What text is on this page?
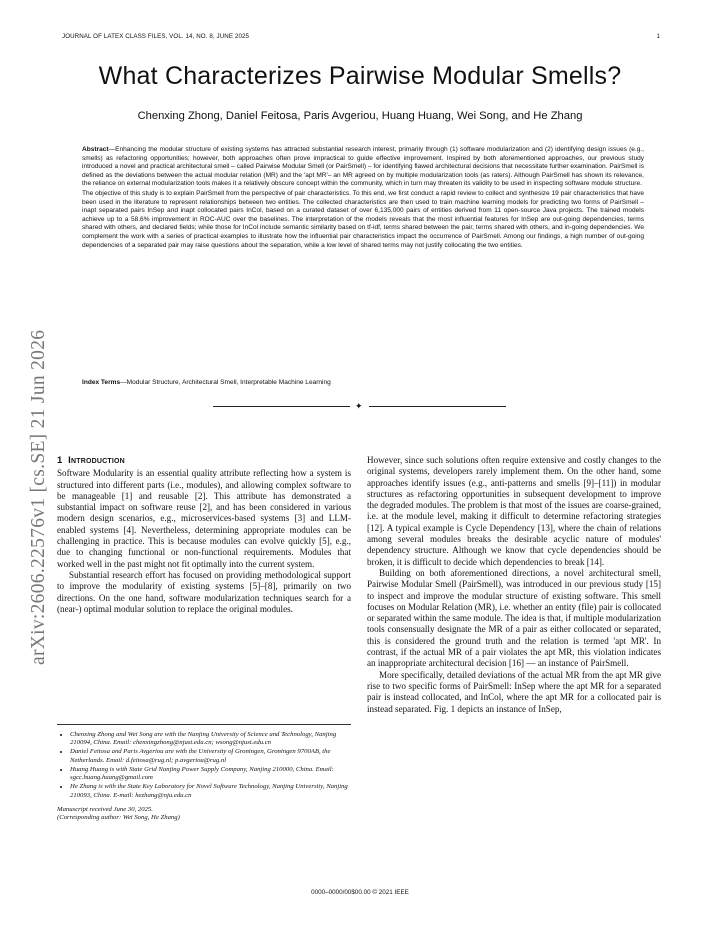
JOURNAL OF LATEX CLASS FILES, VOL. 14, NO. 8, JUNE 2025	1
What Characterizes Pairwise Modular Smells?
Chenxing Zhong, Daniel Feitosa, Paris Avgeriou, Huang Huang, Wei Song, and He Zhang

Abstract—Enhancing the modular structure of existing systems has attracted substantial research interest, primarily through (1) software modularization and (2) identifying design issues (e.g., smells) as refactoring opportunities; however, both approaches often prove impractical to guide effective improvement. Inspired by both aforementioned approaches, our previous study introduced a novel and practical architectural smell – called Pairwise Modular Smell (or PairSmell) – for identifying flawed architectural decisions that necessitate further examination. PairSmell is defined as the deviations between the actual modular relation (MR) and the 'apt MR'– an MR agreed on by multiple modularization tools (as raters). Although PairSmell has shown its relevance, the reliance on external modularization tools makes it a relatively obscure concept within the community, which in turn may threaten its validity to be used in inspecting software module structure.

The objective of this study is to explain PairSmell from the perspective of pair characteristics. To this end, we first conduct a rapid review to collect and synthesize 19 pair characteristics that have been used in the literature to represent relationships between two entities. The collected characteristics are then used to train machine learning models for predicting two forms of PairSmell – inapt separated pairs InSep and inapt collocated pairs InCol, based on a curated dataset of over 6,135,000 pairs of entities derived from 11 open-source Java projects. The trained models achieve up to a 58.6% improvement in ROC-AUC over the baselines. The interpretation of the models reveals that the most influential features for InSep are out-going dependencies, terms shared with others, and declared fields; while those for InCol include semantic similarity based on tf-idf, terms shared between the pair, terms shared with others, and in-going dependencies. We complement the work with a series of practical examples to illustrate how the influential pair characteristics impact the occurrence of PairSmell. Among our findings, a high number of out-going dependencies of a separated pair may raise questions about the separation, while a low level of shared terms may not justify collocating the two entities.

Index Terms—Modular Structure, Architectural Smell, Interpretable Machine Learning
✦
arXiv:2606.22576v1 [cs.SE] 21 Jun 2026 1 Introduction

Software Modularity is an essential quality attribute reflecting how a system is structured into different parts (i.e., modules), and allowing complex software to be manageable [1] and reusable [2]. This attribute has demonstrated a substantial impact on software reuse [2], and has been considered in various modern design scenarios, e.g., microservices-based systems [3] and LLM-enabled systems [4]. Nevertheless, determining appropriate modules can be challenging in practice. This is because modules can evolve quickly [5], e.g., due to changing functional or non-functional requirements. Modules that worked well in the past might not fit optimally into the current system.

Substantial research effort has focused on providing methodological support to improve the modularity of existing systems [5]–[8], primarily on two directions. On the one hand, software modularization techniques search for a (near-) optimal modular solution to replace the original modules.

• Chenxing Zhong and Wei Song are with the Nanjing University of Science and Technology, Nanjing 210094, China. Email: chenxingzhong@njust.edu.cn; wsong@njust.edu.cn
• Daniel Feitosa and Paris Avgeriou are with the University of Groningen, Groningen 9700AB, the Netherlands. Email: d.feitosa@rug.nl; p.avgeriou@rug.nl
• Huang Huang is with State Grid Nanjing Power Supply Company, Nanjing 210000, China. Email: sgcc.huang.huang@gmail.com
• He Zhang is with the State Key Laboratory for Novel Software Technology, Nanjing University, Nanjing 210093, China. E-mail: hezhang@nju.edu.cn
Manuscript received June 30, 2025.
(Corresponding author: Wei Song, He Zhang)

However, since such solutions often require extensive and costly changes to the original systems, developers rarely implement them. On the other hand, some approaches identify issues (e.g., anti-patterns and smells [9]–[11]) in modular structures as refactoring opportunities in subsequent development to improve the degraded modules. The problem is that most of the issues are coarse-grained, i.e. at the module level, making it difficult to determine refactoring strategies [12]. A typical example is Cycle Dependency [13], where the chain of relations among several modules breaks the desirable acyclic nature of modules' dependency structure. Although we know that cycle dependencies should be broken, it is difficult to decide which dependencies to break [14].

Building on both aforementioned directions, a novel architectural smell, Pairwise Modular Smell (PairSmell), was introduced in our previous study [15] to inspect and improve the modular structure of existing software. This smell focuses on Modular Relation (MR), i.e. whether an entity (file) pair is collocated or separated within the same module. The idea is that, if multiple modularization tools consensually designate the MR of a pair as either collocated or separated, this is considered the ground truth and the relation is termed 'apt MR'. In contrast, if the actual MR of a pair violates the apt MR, this violation indicates an inappropriate architectural decision [16] — an instance of PairSmell.

More specifically, detailed deviations of the actual MR from the apt MR give rise to two specific forms of PairSmell: InSep where the apt MR for a separated pair is instead collocated, and InCol, where the apt MR for a collocated pair is instead separated. Fig. 1 depicts an instance of InSep,

0000–0000/00$00.00 © 2021 IEEE
